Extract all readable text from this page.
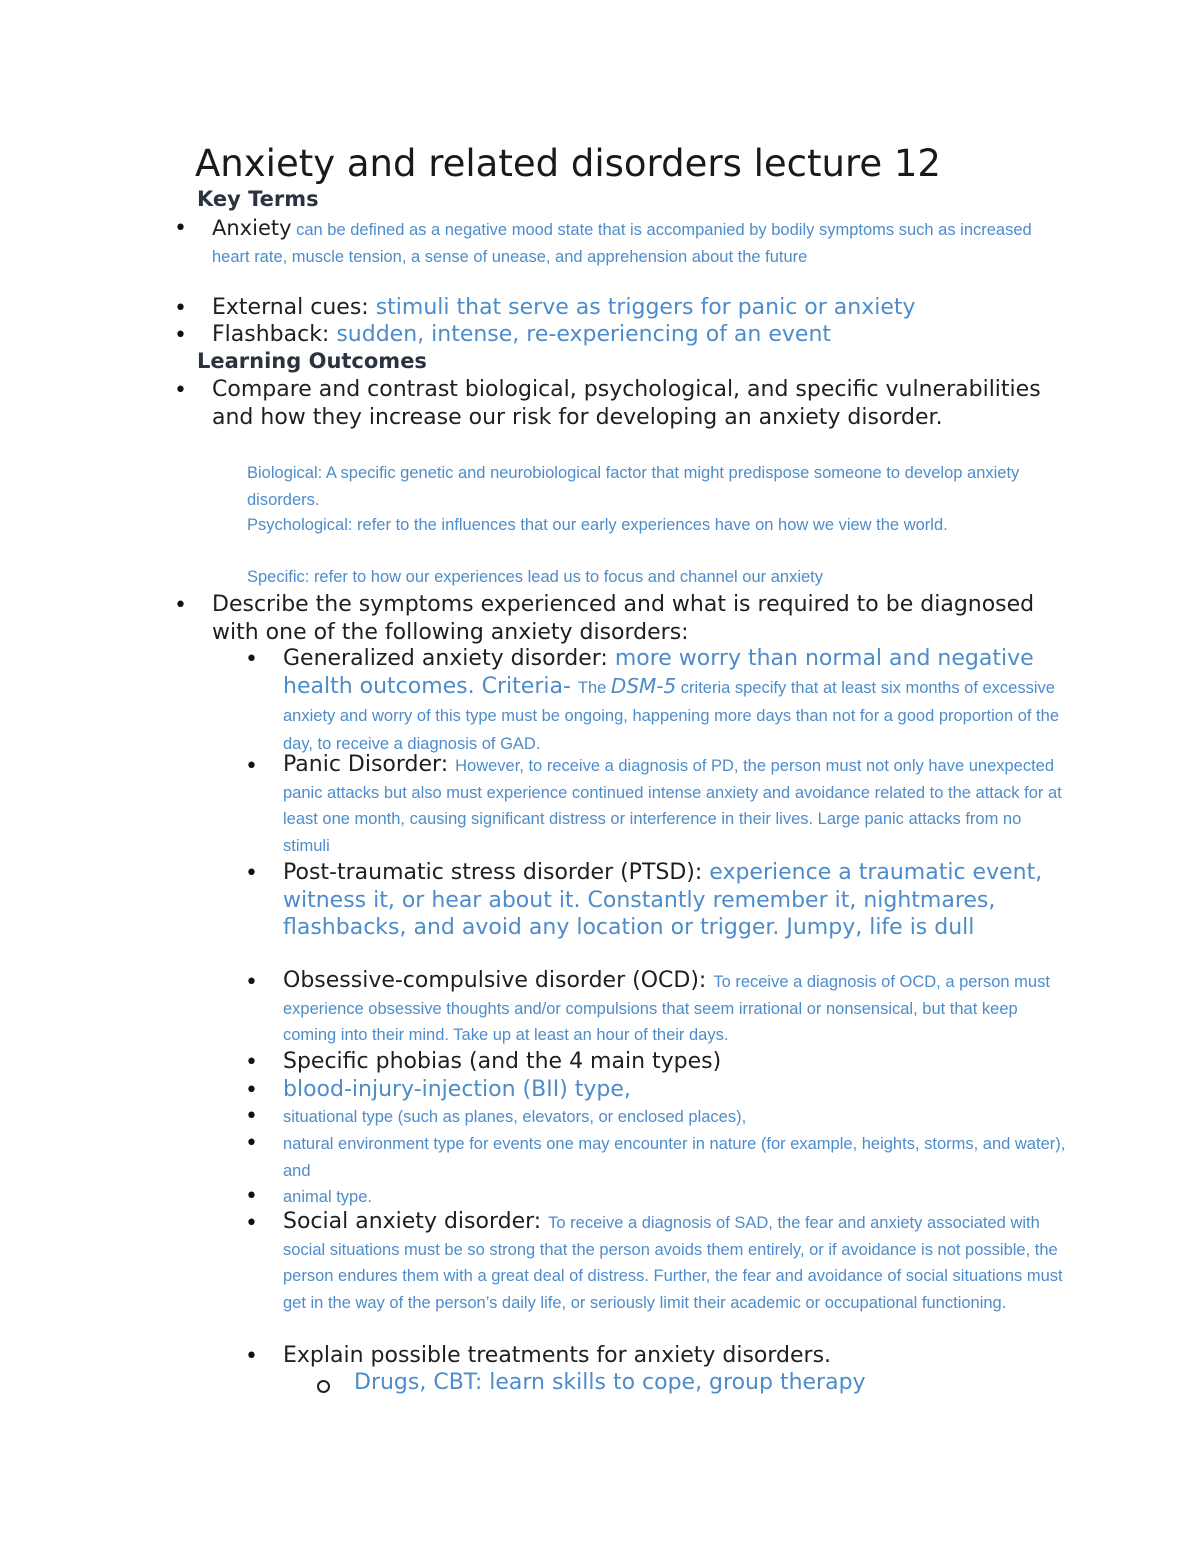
Anxiety and related disorders lecture 12
Key Terms
• Anxiety can be defined as a negative mood state that is accompanied by bodily symptoms such as increased heart rate, muscle tension, a sense of unease, and apprehension about the future
• External cues: stimuli that serve as triggers for panic or anxiety
• Flashback: sudden, intense, re-experiencing of an event
Learning Outcomes
• Compare and contrast biological, psychological, and specific vulnerabilities and how they increase our risk for developing an anxiety disorder.
Biological: A specific genetic and neurobiological factor that might predispose someone to develop anxiety disorders.
Psychological: refer to the influences that our early experiences have on how we view the world.
Specific: refer to how our experiences lead us to focus and channel our anxiety
• Describe the symptoms experienced and what is required to be diagnosed with one of the following anxiety disorders:
• Generalized anxiety disorder: more worry than normal and negative health outcomes. Criteria- The DSM-5 criteria specify that at least six months of excessive anxiety and worry of this type must be ongoing, happening more days than not for a good proportion of the day, to receive a diagnosis of GAD.
• Panic Disorder: However, to receive a diagnosis of PD, the person must not only have unexpected panic attacks but also must experience continued intense anxiety and avoidance related to the attack for at least one month, causing significant distress or interference in their lives. Large panic attacks from no stimuli
• Post-traumatic stress disorder (PTSD): experience a traumatic event, witness it, or hear about it. Constantly remember it, nightmares, flashbacks, and avoid any location or trigger. Jumpy, life is dull
• Obsessive-compulsive disorder (OCD): To receive a diagnosis of OCD, a person must experience obsessive thoughts and/or compulsions that seem irrational or nonsensical, but that keep coming into their mind. Take up at least an hour of their days.
• Specific phobias (and the 4 main types)
• blood-injury-injection (BII) type,
• situational type (such as planes, elevators, or enclosed places),
• natural environment type for events one may encounter in nature (for example, heights, storms, and water), and
• animal type.
• Social anxiety disorder: To receive a diagnosis of SAD, the fear and anxiety associated with social situations must be so strong that the person avoids them entirely, or if avoidance is not possible, the person endures them with a great deal of distress. Further, the fear and avoidance of social situations must get in the way of the person’s daily life, or seriously limit their academic or occupational functioning.
• Explain possible treatments for anxiety disorders.
Drugs, CBT: learn skills to cope, group therapy
